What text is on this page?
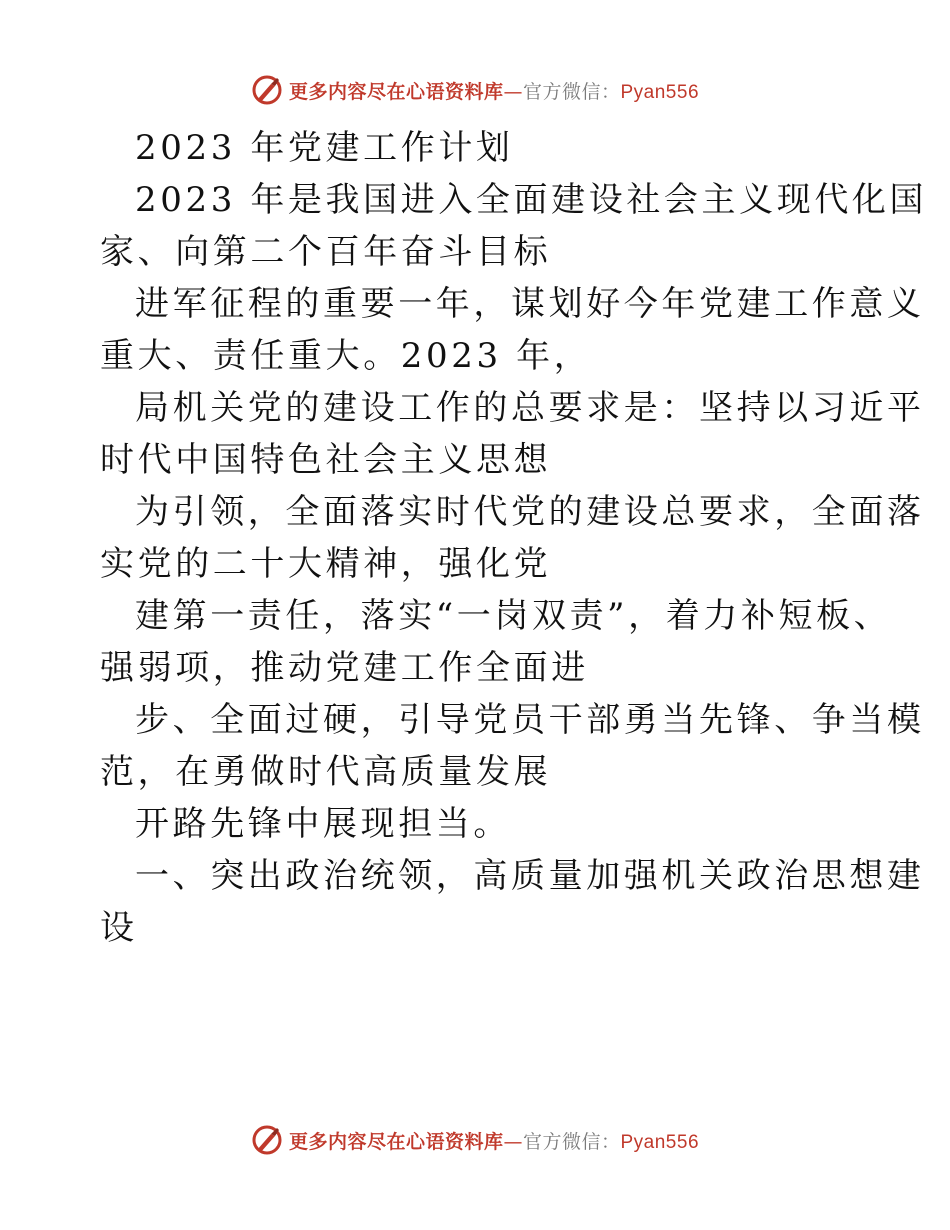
更多内容尽在心语资料库—官方微信：Pyan556
2023 年党建工作计划
2023 年是我国进入全面建设社会主义现代化国
家、向第二个百年奋斗目标
进军征程的重要一年，谋划好今年党建工作意义
重大、责任重大。2023 年，
局机关党的建设工作的总要求是：坚持以习近平
时代中国特色社会主义思想
为引领，全面落实时代党的建设总要求，全面落
实党的二十大精神，强化党
建第一责任，落实“一岗双责”，着力补短板、
强弱项，推动党建工作全面进
步、全面过硬，引导党员干部勇当先锋、争当模
范，在勇做时代高质量发展
开路先锋中展现担当。
一、突出政治统领，高质量加强机关政治思想建
设
更多内容尽在心语资料库—官方微信：Pyan556
